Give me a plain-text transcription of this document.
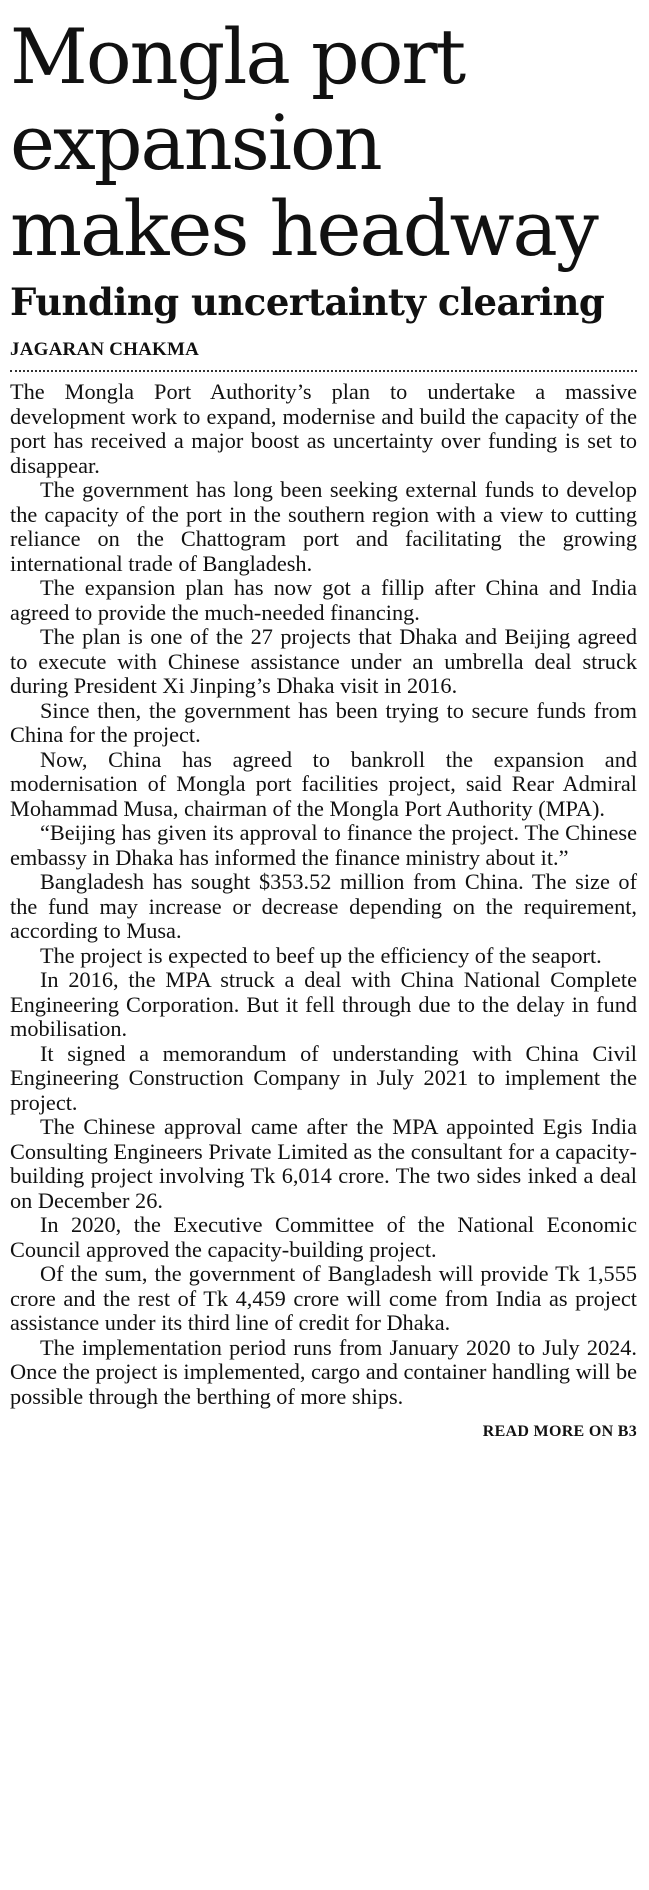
Mongla port expansion makes headway
Funding uncertainty clearing
JAGARAN CHAKMA

The Mongla Port Authority’s plan to undertake a massive development work to expand, modernise and build the capacity of the port has received a major boost as uncertainty over funding is set to disappear.

The government has long been seeking external funds to develop the capacity of the port in the southern region with a view to cutting reliance on the Chattogram port and facilitating the growing international trade of Bangladesh.

The expansion plan has now got a fillip after China and India agreed to provide the much-needed financing.

The plan is one of the 27 projects that Dhaka and Beijing agreed to execute with Chinese assistance under an umbrella deal struck during President Xi Jinping’s Dhaka visit in 2016.

Since then, the government has been trying to secure funds from China for the project.

Now, China has agreed to bankroll the expansion and modernisation of Mongla port facilities project, said Rear Admiral Mohammad Musa, chairman of the Mongla Port Authority (MPA).

“Beijing has given its approval to finance the project. The Chinese embassy in Dhaka has informed the finance ministry about it.”

Bangladesh has sought $353.52 million from China. The size of the fund may increase or decrease depending on the requirement, according to Musa.

The project is expected to beef up the efficiency of the seaport.

In 2016, the MPA struck a deal with China National Complete Engineering Corporation. But it fell through due to the delay in fund mobilisation.

It signed a memorandum of understanding with China Civil Engineering Construction Company in July 2021 to implement the project.

The Chinese approval came after the MPA appointed Egis India Consulting Engineers Private Limited as the consultant for a capacity-building project involving Tk 6,014 crore. The two sides inked a deal on December 26.

In 2020, the Executive Committee of the National Economic Council approved the capacity-building project.

Of the sum, the government of Bangladesh will provide Tk 1,555 crore and the rest of Tk 4,459 crore will come from India as project assistance under its third line of credit for Dhaka.

The implementation period runs from January 2020 to July 2024. Once the project is implemented, cargo and container handling will be possible through the berthing of more ships.

READ MORE ON B3
